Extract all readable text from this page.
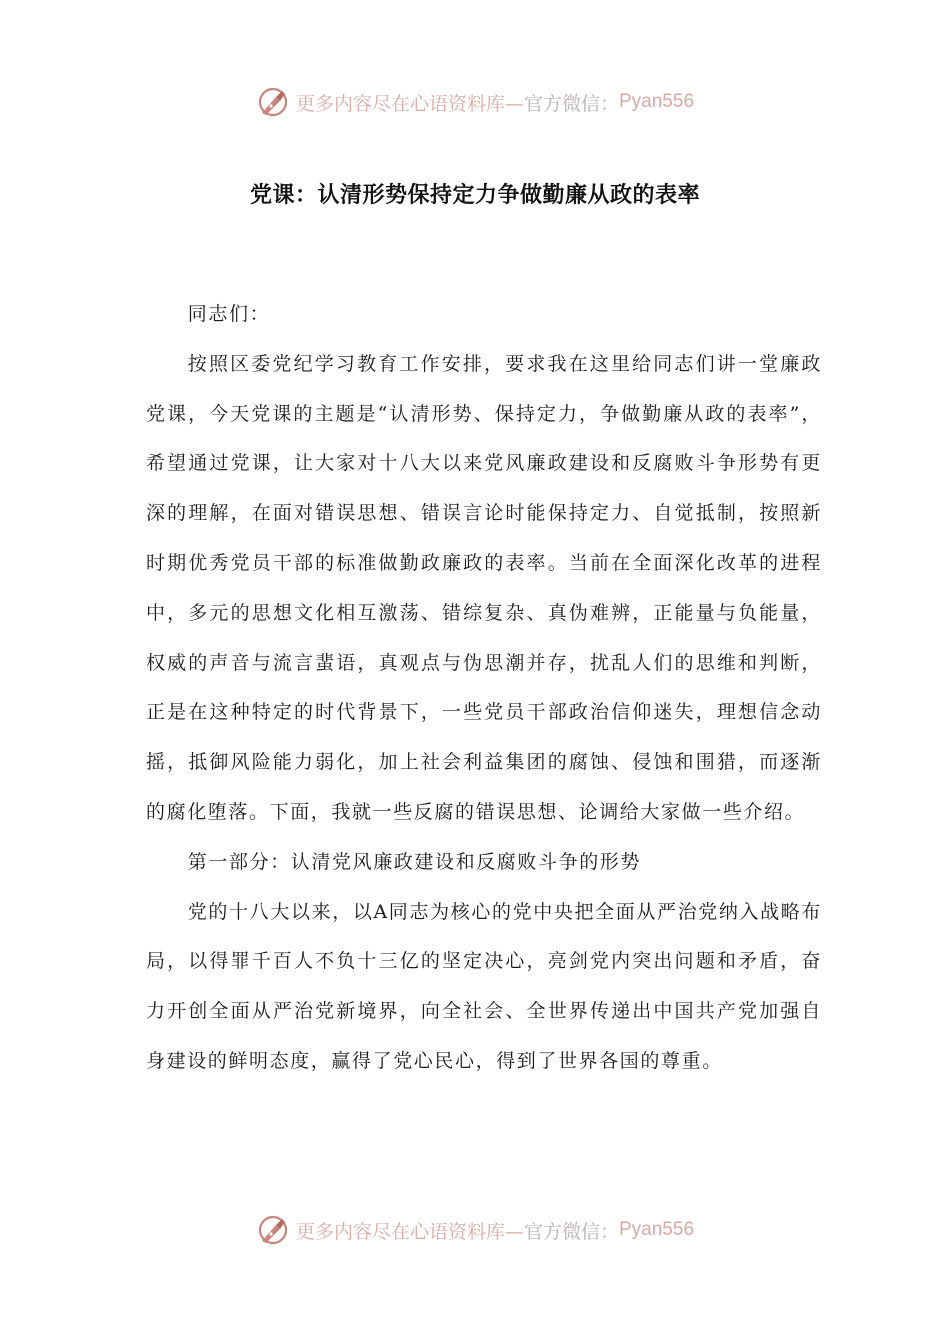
更多内容尽在心语资料库— 官方微信： Pyan556
党课：认清形势保持定力争做勤廉从政的表率

同志们：

按照区委党纪学习教育工作安排，要求我在这里给同志们讲一堂廉政党课，今天党课的主题是“认清形势、保持定力，争做勤廉从政的表率”，希望通过党课，让大家对十八大以来党风廉政建设和反腐败斗争形势有更深的理解，在面对错误思想、错误言论时能保持定力、自觉抵制，按照新时期优秀党员干部的标准做勤政廉政的表率。当前在全面深化改革的进程中，多元的思想文化相互激荡、错综复杂、真伪难辨，正能量与负能量，权威的声音与流言蜚语，真观点与伪思潮并存，扰乱人们的思维和判断，正是在这种特定的时代背景下，一些党员干部政治信仰迷失，理想信念动摇，抵御风险能力弱化，加上社会利益集团的腐蚀、侵蚀和围猎，而逐渐的腐化堕落。下面，我就一些反腐的错误思想、论调给大家做一些介绍。

第一部分：认清党风廉政建设和反腐败斗争的形势

党的十八大以来，以A同志为核心的党中央把全面从严治党纳入战略布局，以得罪千百人不负十三亿的坚定决心，亮剑党内突出问题和矛盾，奋力开创全面从严治党新境界，向全社会、全世界传递出中国共产党加强自身建设的鲜明态度，赢得了党心民心，得到了世界各国的尊重。

更多内容尽在心语资料库— 官方微信： Pyan556
